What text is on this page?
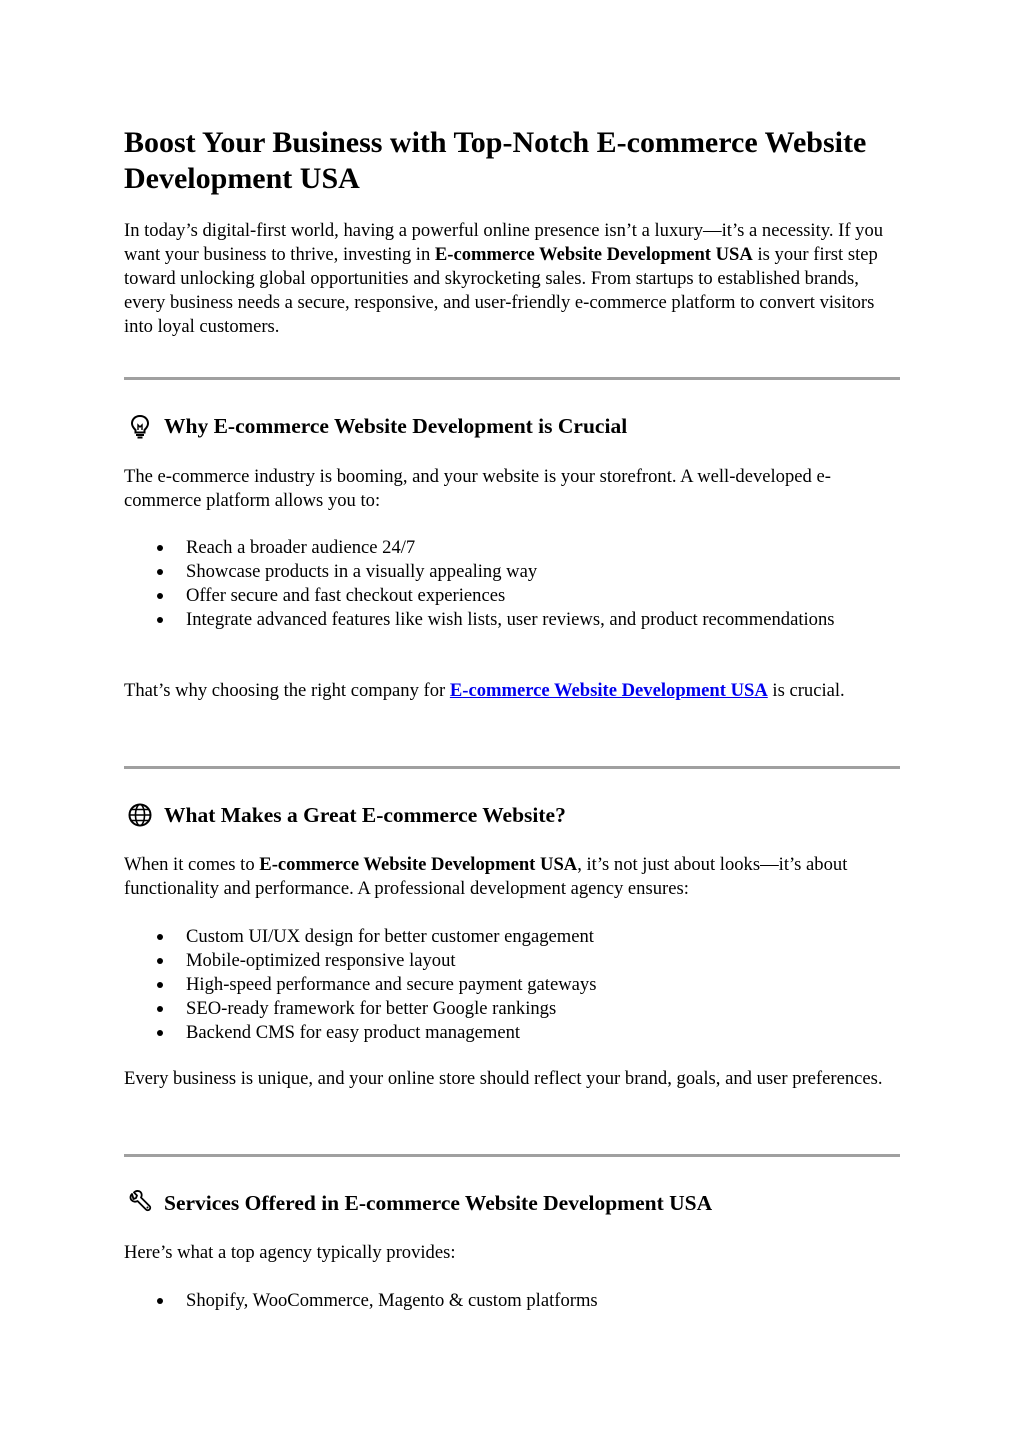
Boost Your Business with Top-Notch E-commerce Website Development USA

In today’s digital-first world, having a powerful online presence isn’t a luxury—it’s a necessity. If you want your business to thrive, investing in E-commerce Website Development USA is your first step toward unlocking global opportunities and skyrocketing sales. From startups to established brands, every business needs a secure, responsive, and user-friendly e-commerce platform to convert visitors into loyal customers.

Why E-commerce Website Development is Crucial

The e-commerce industry is booming, and your website is your storefront. A well-developed e-commerce platform allows you to:

Reach a broader audience 24/7
Showcase products in a visually appealing way
Offer secure and fast checkout experiences
Integrate advanced features like wish lists, user reviews, and product recommendations

That’s why choosing the right company for E-commerce Website Development USA is crucial.

What Makes a Great E-commerce Website?

When it comes to E-commerce Website Development USA, it’s not just about looks—it’s about functionality and performance. A professional development agency ensures:

Custom UI/UX design for better customer engagement
Mobile-optimized responsive layout
High-speed performance and secure payment gateways
SEO-ready framework for better Google rankings
Backend CMS for easy product management

Every business is unique, and your online store should reflect your brand, goals, and user preferences.

Services Offered in E-commerce Website Development USA

Here’s what a top agency typically provides:

Shopify, WooCommerce, Magento & custom platforms
